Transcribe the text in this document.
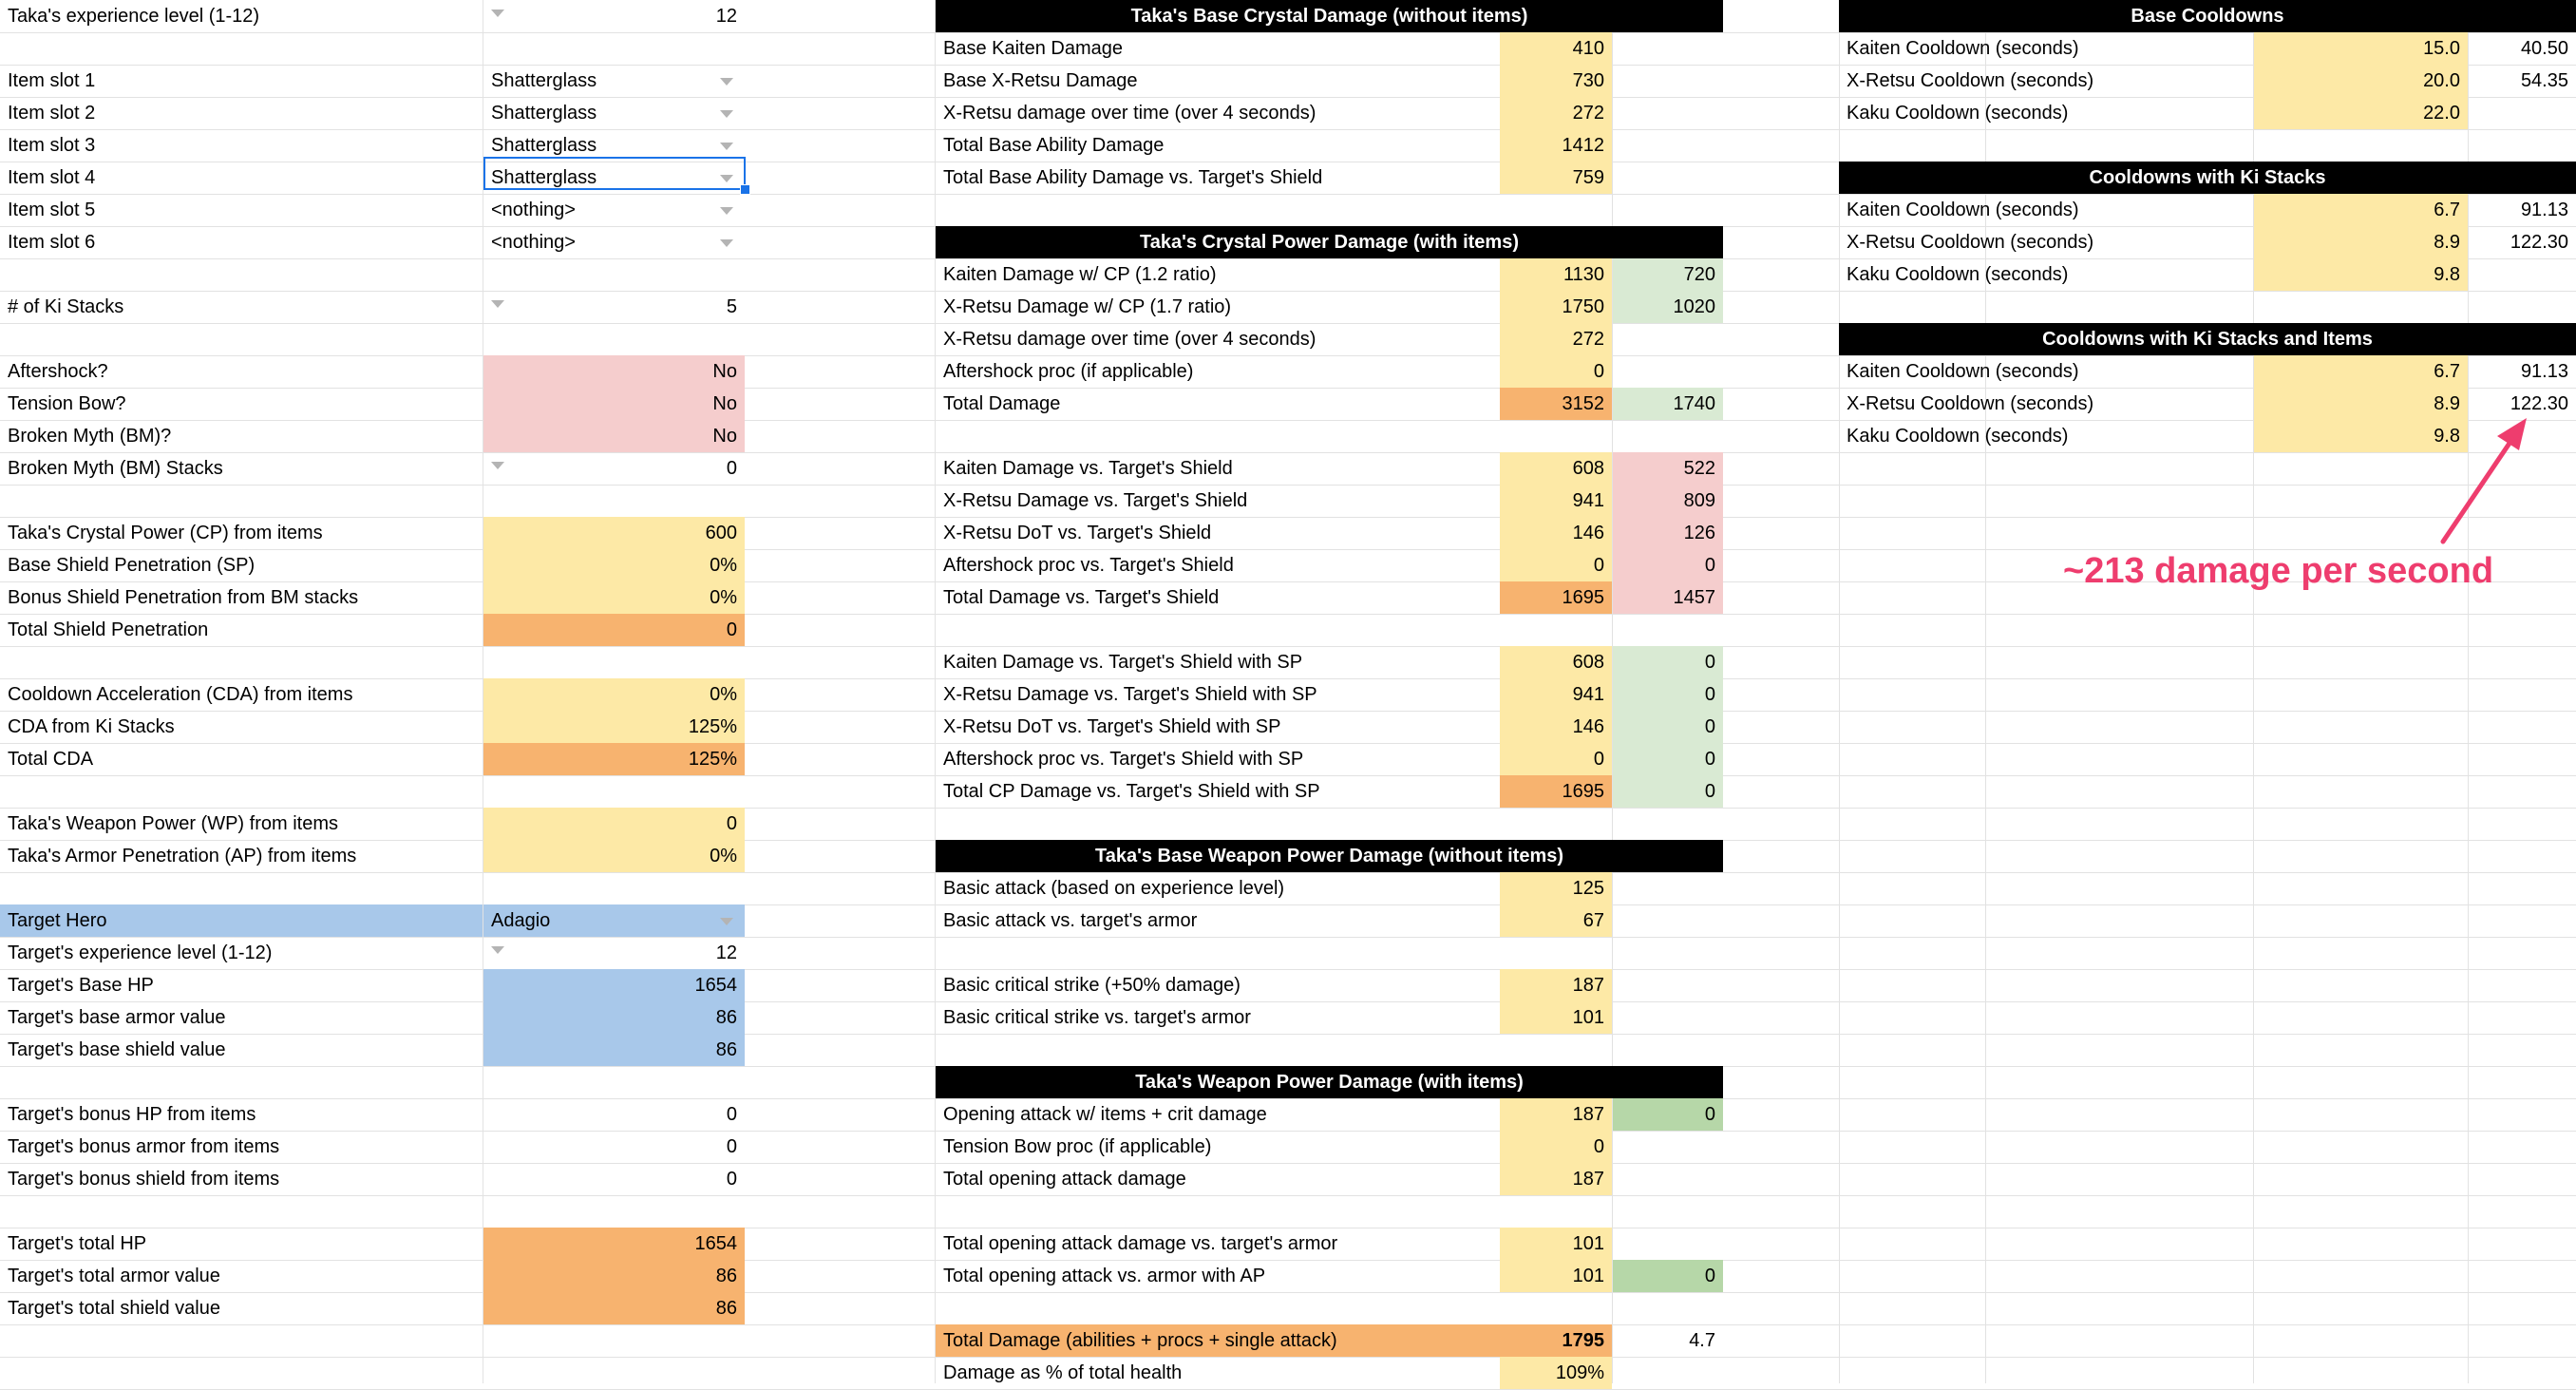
Taka's experience level (1-12)	12
Item slot 1	Shatterglass
Item slot 2	Shatterglass
Item slot 3	Shatterglass
Item slot 4	Shatterglass
Item slot 5	<nothing>
Item slot 6	<nothing>
# of Ki Stacks	5
Aftershock?	No
Tension Bow?	No
Broken Myth (BM)?	No
Broken Myth (BM) Stacks	0
Taka's Crystal Power (CP) from items	600
Base Shield Penetration (SP)	0%
Bonus Shield Penetration from BM stacks	0%
Total Shield Penetration	0
Cooldown Acceleration (CDA) from items	0%
CDA from Ki Stacks	125%
Total CDA	125%
Taka's Weapon Power (WP) from items	0
Taka's Armor Penetration (AP) from items	0%
Target Hero	Adagio
Target's experience level (1-12)	12
Target's Base HP	1654
Target's base armor value	86
Target's base shield value	86
Target's bonus HP from items	0
Target's bonus armor from items	0
Target's bonus shield from items	0
Target's total HP	1654
Target's total armor value	86
Target's total shield value	86
Taka's Base Crystal Damage (without items)
Base Kaiten Damage	410
Base X-Retsu Damage	730
X-Retsu damage over time (over 4 seconds)	272
Total Base Ability Damage	1412
Total Base Ability Damage vs. Target's Shield	759
Taka's Crystal Power Damage (with items)
Kaiten Damage w/ CP (1.2 ratio)	1130	720
X-Retsu Damage w/ CP (1.7 ratio)	1750	1020
X-Retsu damage over time (over 4 seconds)	272
Aftershock proc (if applicable)	0
Total Damage	3152	1740
Kaiten Damage vs. Target's Shield	608	522
X-Retsu Damage vs. Target's Shield	941	809
X-Retsu DoT vs. Target's Shield	146	126
Aftershock proc vs. Target's Shield	0	0
Total Damage vs. Target's Shield	1695	1457
Kaiten Damage vs. Target's Shield with SP	608	0
X-Retsu Damage vs. Target's Shield with SP	941	0
X-Retsu DoT vs. Target's Shield with SP	146	0
Aftershock proc vs. Target's Shield with SP	0	0
Total CP Damage vs. Target's Shield with SP	1695	0
Taka's Base Weapon Power Damage (without items)
Basic attack (based on experience level)	125
Basic attack vs. target's armor	67
Basic critical strike (+50% damage)	187
Basic critical strike vs. target's armor	101
Taka's Weapon Power Damage (with items)
Opening attack w/ items + crit damage	187	0
Tension Bow proc (if applicable)	0
Total opening attack damage	187
Total opening attack damage vs. target's armor	101
Total opening attack vs. armor with AP	101	0
Total Damage (abilities + procs + single attack)	1795	4.7
Damage as % of total health	109%
Base Cooldowns
Kaiten Cooldown (seconds)	15.0	40.50
X-Retsu Cooldown (seconds)	20.0	54.35
Kaku Cooldown (seconds)	22.0
Cooldowns with Ki Stacks
Kaiten Cooldown (seconds)	6.7	91.13
X-Retsu Cooldown (seconds)	8.9	122.30
Kaku Cooldown (seconds)	9.8
Cooldowns with Ki Stacks and Items
Kaiten Cooldown (seconds)	6.7	91.13
X-Retsu Cooldown (seconds)	8.9	122.30
Kaku Cooldown (seconds)	9.8
~213 damage per second
